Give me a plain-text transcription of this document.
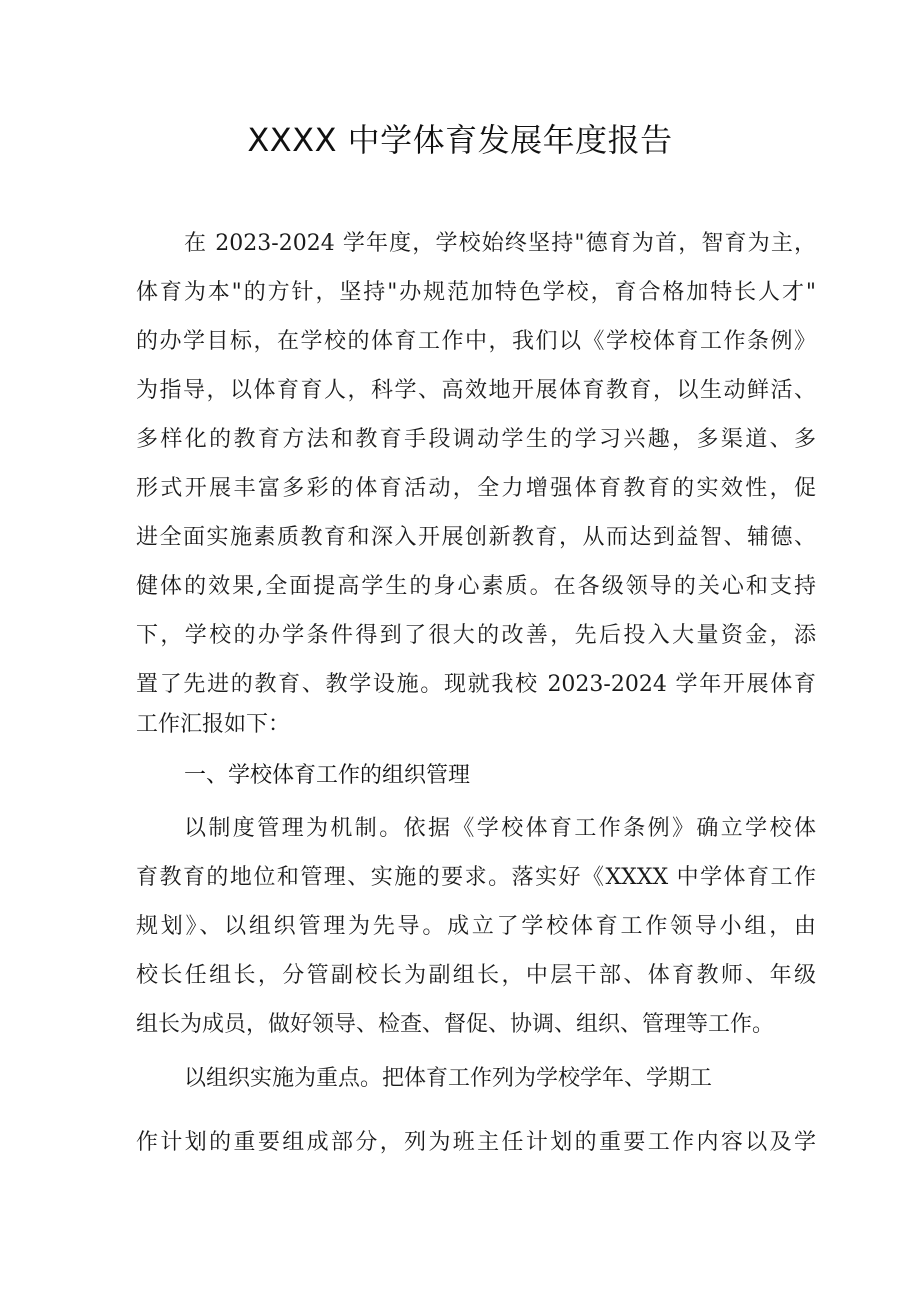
XXXX 中学体育发展年度报告

在 2023-2024 学年度，学校始终坚持"德育为首，智育为主，

体育为本"的方针，坚持"办规范加特色学校，育合格加特长人才"

的办学目标，在学校的体育工作中，我们以《学校体育工作条例》

为指导，以体育育人，科学、高效地开展体育教育，以生动鲜活、

多样化的教育方法和教育手段调动学生的学习兴趣，多渠道、多

形式开展丰富多彩的体育活动，全力增强体育教育的实效性，促

进全面实施素质教育和深入开展创新教育，从而达到益智、辅德、

健体的效果,全面提高学生的身心素质。在各级领导的关心和支持

下，学校的办学条件得到了很大的改善，先后投入大量资金，添

置了先进的教育、教学设施。现就我校 2023-2024 学年开展体育

工作汇报如下：

一、学校体育工作的组织管理

以制度管理为机制。依据《学校体育工作条例》确立学校体

育教育的地位和管理、实施的要求。落实好《XXXX 中学体育工作

规划》、以组织管理为先导。成立了学校体育工作领导小组，由

校长任组长，分管副校长为副组长，中层干部、体育教师、年级

组长为成员，做好领导、检查、督促、协调、组织、管理等工作。

以组织实施为重点。把体育工作列为学校学年、学期工

作计划的重要组成部分，列为班主任计划的重要工作内容以及学
